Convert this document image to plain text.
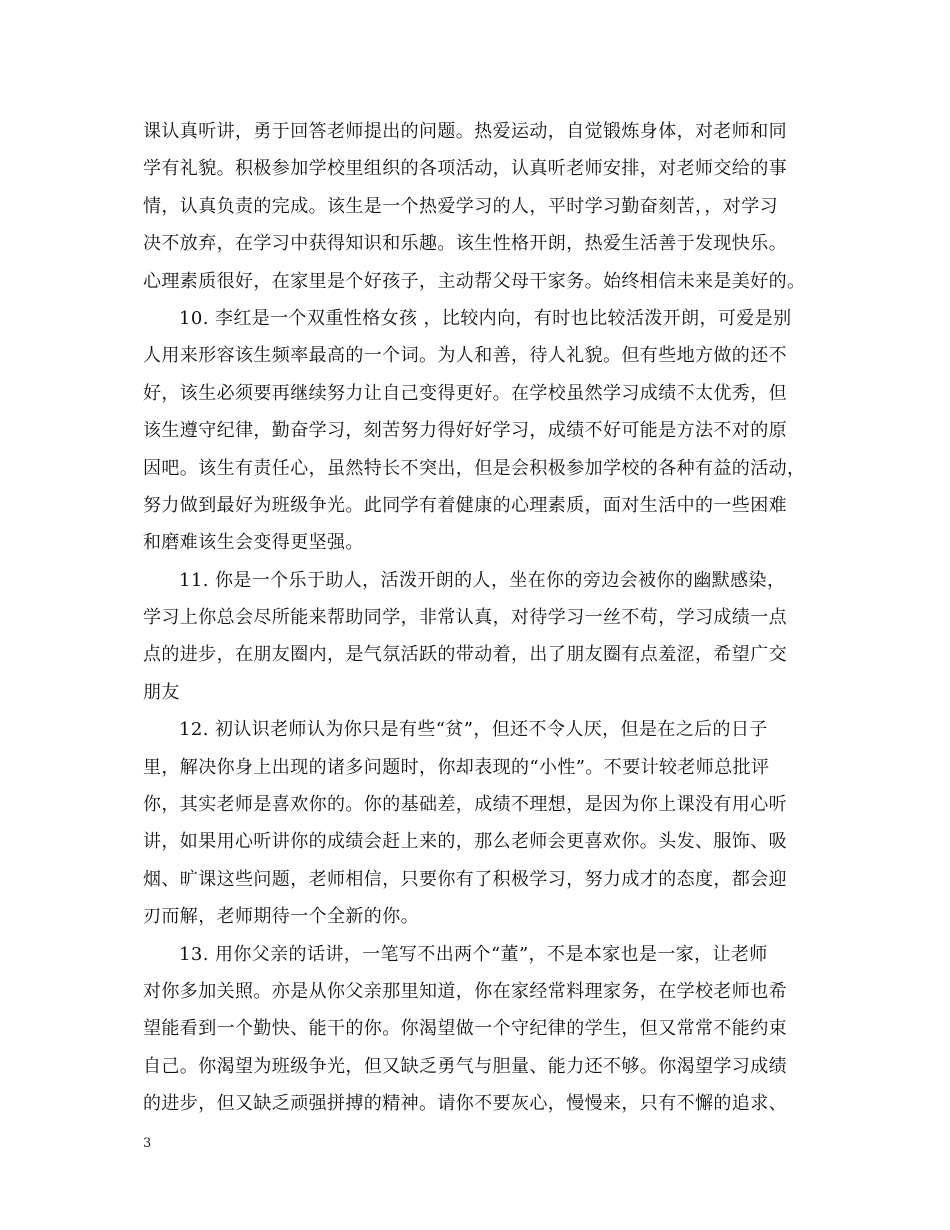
课认真听讲，勇于回答老师提出的问题。热爱运动，自觉锻炼身体，对老师和同
学有礼貌。积极参加学校里组织的各项活动，认真听老师安排，对老师交给的事
情，认真负责的完成。该生是一个热爱学习的人，平时学习勤奋刻苦，，对学习
决不放弃，在学习中获得知识和乐趣。该生性格开朗，热爱生活善于发现快乐。
心理素质很好，在家里是个好孩子，主动帮父母干家务。始终相信未来是美好的。
10. 李红是一个双重性格女孩 ，比较内向，有时也比较活泼开朗，可爱是别
人用来形容该生频率最高的一个词。为人和善，待人礼貌。但有些地方做的还不
好，该生必须要再继续努力让自己变得更好。在学校虽然学习成绩不太优秀，但
该生遵守纪律，勤奋学习，刻苦努力得好好学习，成绩不好可能是方法不对的原
因吧。该生有责任心，虽然特长不突出，但是会积极参加学校的各种有益的活动，
努力做到最好为班级争光。此同学有着健康的心理素质，面对生活中的一些困难
和磨难该生会变得更坚强。
11. 你是一个乐于助人，活泼开朗的人，坐在你的旁边会被你的幽默感染，
学习上你总会尽所能来帮助同学，非常认真，对待学习一丝不苟，学习成绩一点
点的进步，在朋友圈内，是气氛活跃的带动着，出了朋友圈有点羞涩，希望广交
朋友
12. 初认识老师认为你只是有些“贫”，但还不令人厌，但是在之后的日子
里，解决你身上出现的诸多问题时，你却表现的“小性”。不要计较老师总批评
你，其实老师是喜欢你的。你的基础差，成绩不理想，是因为你上课没有用心听
讲，如果用心听讲你的成绩会赶上来的，那么老师会更喜欢你。头发、服饰、吸
烟、旷课这些问题，老师相信，只要你有了积极学习，努力成才的态度，都会迎
刃而解，老师期待一个全新的你。
13. 用你父亲的话讲，一笔写不出两个“董”，不是本家也是一家，让老师
对你多加关照。亦是从你父亲那里知道，你在家经常料理家务，在学校老师也希
望能看到一个勤快、能干的你。你渴望做一个守纪律的学生，但又常常不能约束
自己。你渴望为班级争光，但又缺乏勇气与胆量、能力还不够。你渴望学习成绩
的进步，但又缺乏顽强拼搏的精神。请你不要灰心，慢慢来，只有不懈的追求、
3
